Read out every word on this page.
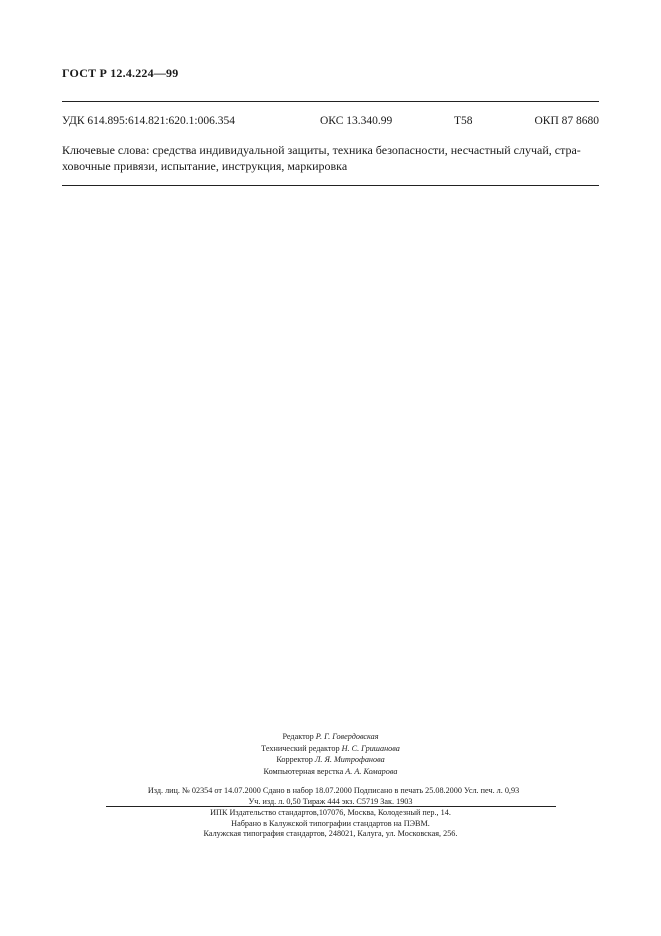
ГОСТ Р 12.4.224—99
УДК 614.895:614.821:620.1:006.354	ОКС 13.340.99	Т58	ОКП 87 8680
Ключевые слова: средства индивидуальной защиты, техника безопасности, несчастный случай, стра-
ховочные привязи, испытание, инструкция, маркировка
Редактор Р. Г. Говердовская
Технический редактор Н. С. Гришанова
Корректор Л. Я. Митрофанова
Компьютерная верстка А. А. Комарова
Изд. лиц. № 02354 от 14.07.2000 Сдано в набор 18.07.2000 Подписано в печать 25.08.2000 Усл. печ. л. 0,93
Уч. изд. л. 0,50 Тираж 444 экз. С5719 Зак. 1903
ИПК Издательство стандартов,107076, Москва, Колодезный пер., 14.
Набрано в Калужской типографии стандартов на ПЭВМ.
Калужская типография стандартов, 248021, Калуга, ул. Московская, 256.
